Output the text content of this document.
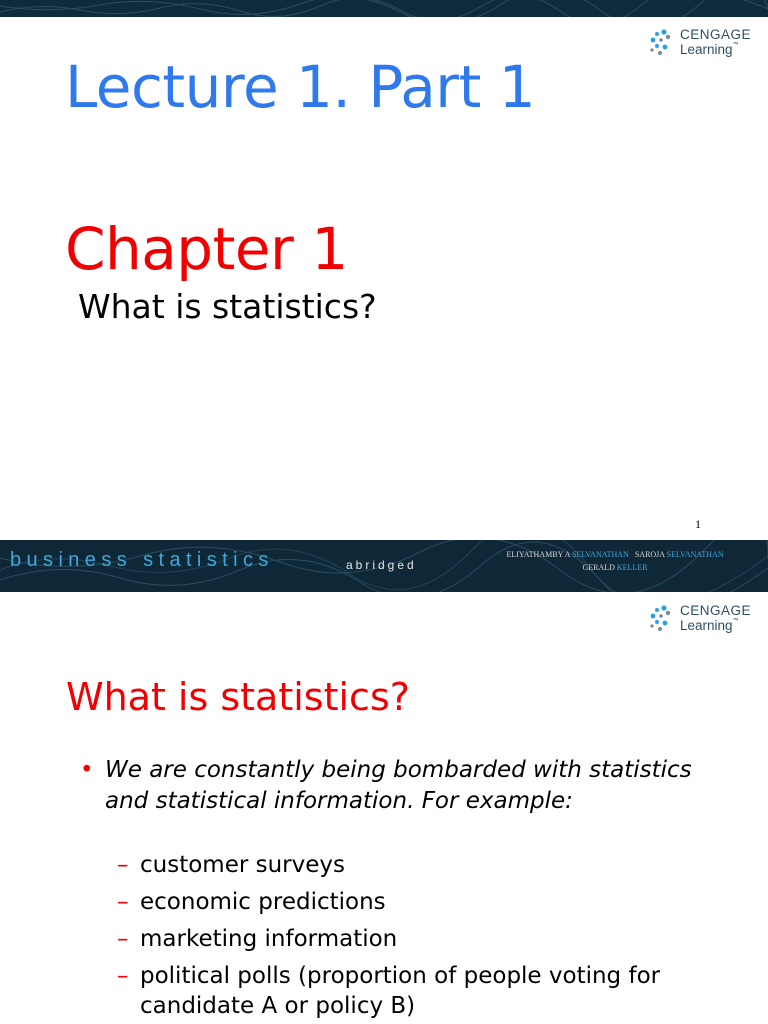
CENGAGE
Learning™
Lecture 1. Part 1
Chapter 1
What is statistics?
1
business statistics	abridged
ELIYATHAMBY A SELVANATHAN SAROJA SELVANATHAN
GERALD KELLER
CENGAGE
Learning™
What is statistics?
• We are constantly being bombarded with statistics and statistical information. For example:
– customer surveys
– economic predictions
– marketing information
– political polls (proportion of people voting for candidate A or policy B)
